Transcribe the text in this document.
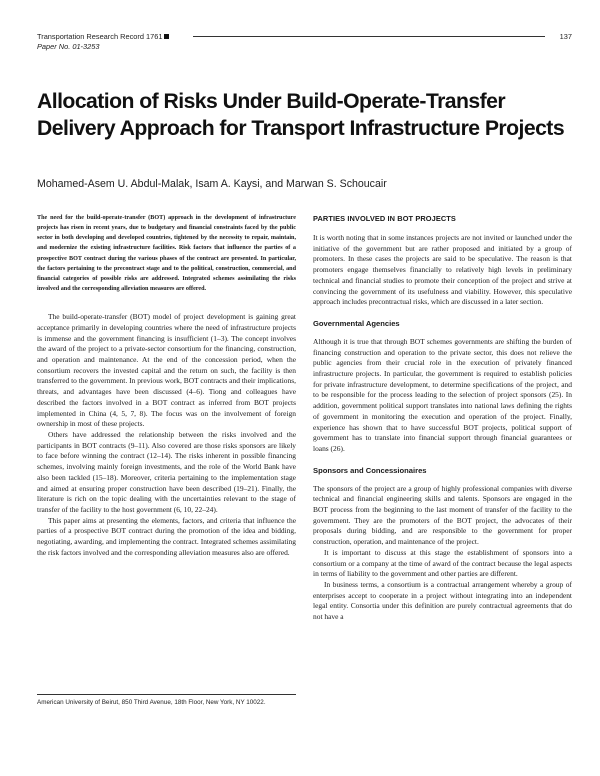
Transportation Research Record 1761
Paper No. 01-3253
137
Allocation of Risks Under Build-Operate-Transfer Delivery Approach for Transport Infrastructure Projects

Mohamed-Asem U. Abdul-Malak, Isam A. Kaysi, and Marwan S. Schoucair

The need for the build-operate-transfer (BOT) approach in the development of infrastructure projects has risen in recent years, due to budgetary and financial constraints faced by the public sector in both developing and developed countries, tightened by the necessity to repair, maintain, and modernize the existing infrastructure facilities. Risk factors that influence the parties of a prospective BOT contract during the various phases of the contract are presented. In particular, the factors pertaining to the precontract stage and to the political, construction, commercial, and financial categories of possible risks are addressed. Integrated schemes assimilating the risks involved and the corresponding alleviation measures are offered.

The build-operate-transfer (BOT) model of project development is gaining great acceptance primarily in developing countries where the need of infrastructure projects is immense and the government financing is insufficient (1–3). The concept involves the award of the project to a private-sector consortium for the financing, construction, and operation and maintenance. At the end of the concession period, when the consortium recovers the invested capital and the return on such, the facility is then transferred to the government. In previous work, BOT contracts and their implications, threats, and advantages have been discussed (4–6). Tiong and colleagues have described the factors involved in a BOT contract as inferred from BOT projects implemented in China (4, 5, 7, 8). The focus was on the involvement of foreign ownership in most of these projects.

Others have addressed the relationship between the risks involved and the participants in BOT contracts (9–11). Also covered are those risks sponsors are likely to face before winning the contract (12–14). The risks inherent in possible financing schemes, involving mainly foreign investments, and the role of the World Bank have also been tackled (15–18). Moreover, criteria pertaining to the implementation stage and aimed at ensuring proper construction have been described (19–21). Finally, the literature is rich on the topic dealing with the uncertainties relevant to the stage of transfer of the facility to the host government (6, 10, 22–24).

This paper aims at presenting the elements, factors, and criteria that influence the parties of a prospective BOT contract during the promotion of the idea and bidding, negotiating, awarding, and implementing the contract. Integrated schemes assimilating the risk factors involved and the corresponding alleviation measures also are offered.

PARTIES INVOLVED IN BOT PROJECTS

It is worth noting that in some instances projects are not invited or launched under the initiative of the government but are rather proposed and initiated by a group of promoters. In these cases the projects are said to be speculative. The reason is that promoters engage themselves financially to relatively high levels in preliminary technical and financial studies to promote their conception of the project and strive at convincing the government of its usefulness and viability. However, this speculative approach includes precontractual risks, which are discussed in a later section.

Governmental Agencies

Although it is true that through BOT schemes governments are shifting the burden of financing construction and operation to the private sector, this does not relieve the public agencies from their crucial role in the execution of privately financed infrastructure projects. In particular, the government is required to establish policies for private infrastructure development, to determine specifications of the project, and to be responsible for the process leading to the selection of project sponsors (25). In addition, government political support translates into national laws defining the rights of government in monitoring the execution and operation of the project. Finally, experience has shown that to have successful BOT projects, political support of government has to translate into financial support through financial guarantees or loans (26).

Sponsors and Concessionaires

The sponsors of the project are a group of highly professional companies with diverse technical and financial engineering skills and talents. Sponsors are engaged in the BOT process from the beginning to the last moment of transfer of the facility to the government. They are the promoters of the BOT project, the advocates of their proposals during bidding, and are responsible to the government for proper construction, operation, and maintenance of the project.

It is important to discuss at this stage the establishment of sponsors into a consortium or a company at the time of award of the contract because the legal aspects in terms of liability to the government and other parties are different.

In business terms, a consortium is a contractual arrangement whereby a group of enterprises accept to cooperate in a project without integrating into an independent legal entity. Consortia under this definition are purely contractual agreements that do not have a

American University of Beirut, 850 Third Avenue, 18th Floor, New York, NY 10022.
